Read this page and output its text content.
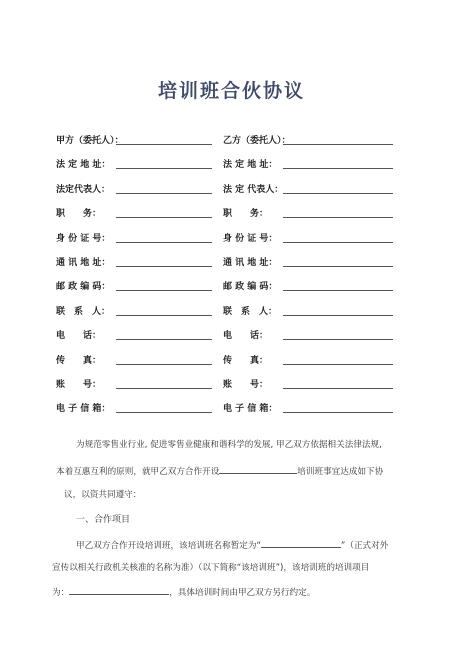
培训班合伙协议
甲方（委托人）：	乙方（委托人）：
法 定 地 址：	法 定 地 址：
法定代表人：	法 定 代表人：
职　　务：	职　　务：
身 份 证 号：	身 份 证 号：
通 讯 地 址：	通 讯 地 址：
邮 政 编 码：	邮 政 编 码：
联　系　人：	联　系　人：
电　　话：	电　　话：
传　　真：	传　　真：
账　　号：	账　　号：
电 子 信 箱：	电 子 信 箱：
为规范零售业行业, 促进零售业健康和谐科学的发展, 甲乙双方依据相关法律法规,
本着互惠互利的原则，就甲乙双方合作开设	培训班事宜达成如下协
议，以资共同遵守：
一、合作项目
甲乙双方合作开设培训班，该培训班名称暂定为“	”（正式对外
宣传以相关行政机关核准的名称为准）（以下简称“该培训班”)，该培训班的培训项目
为：	，具体培训时间由甲乙双方另行约定。
